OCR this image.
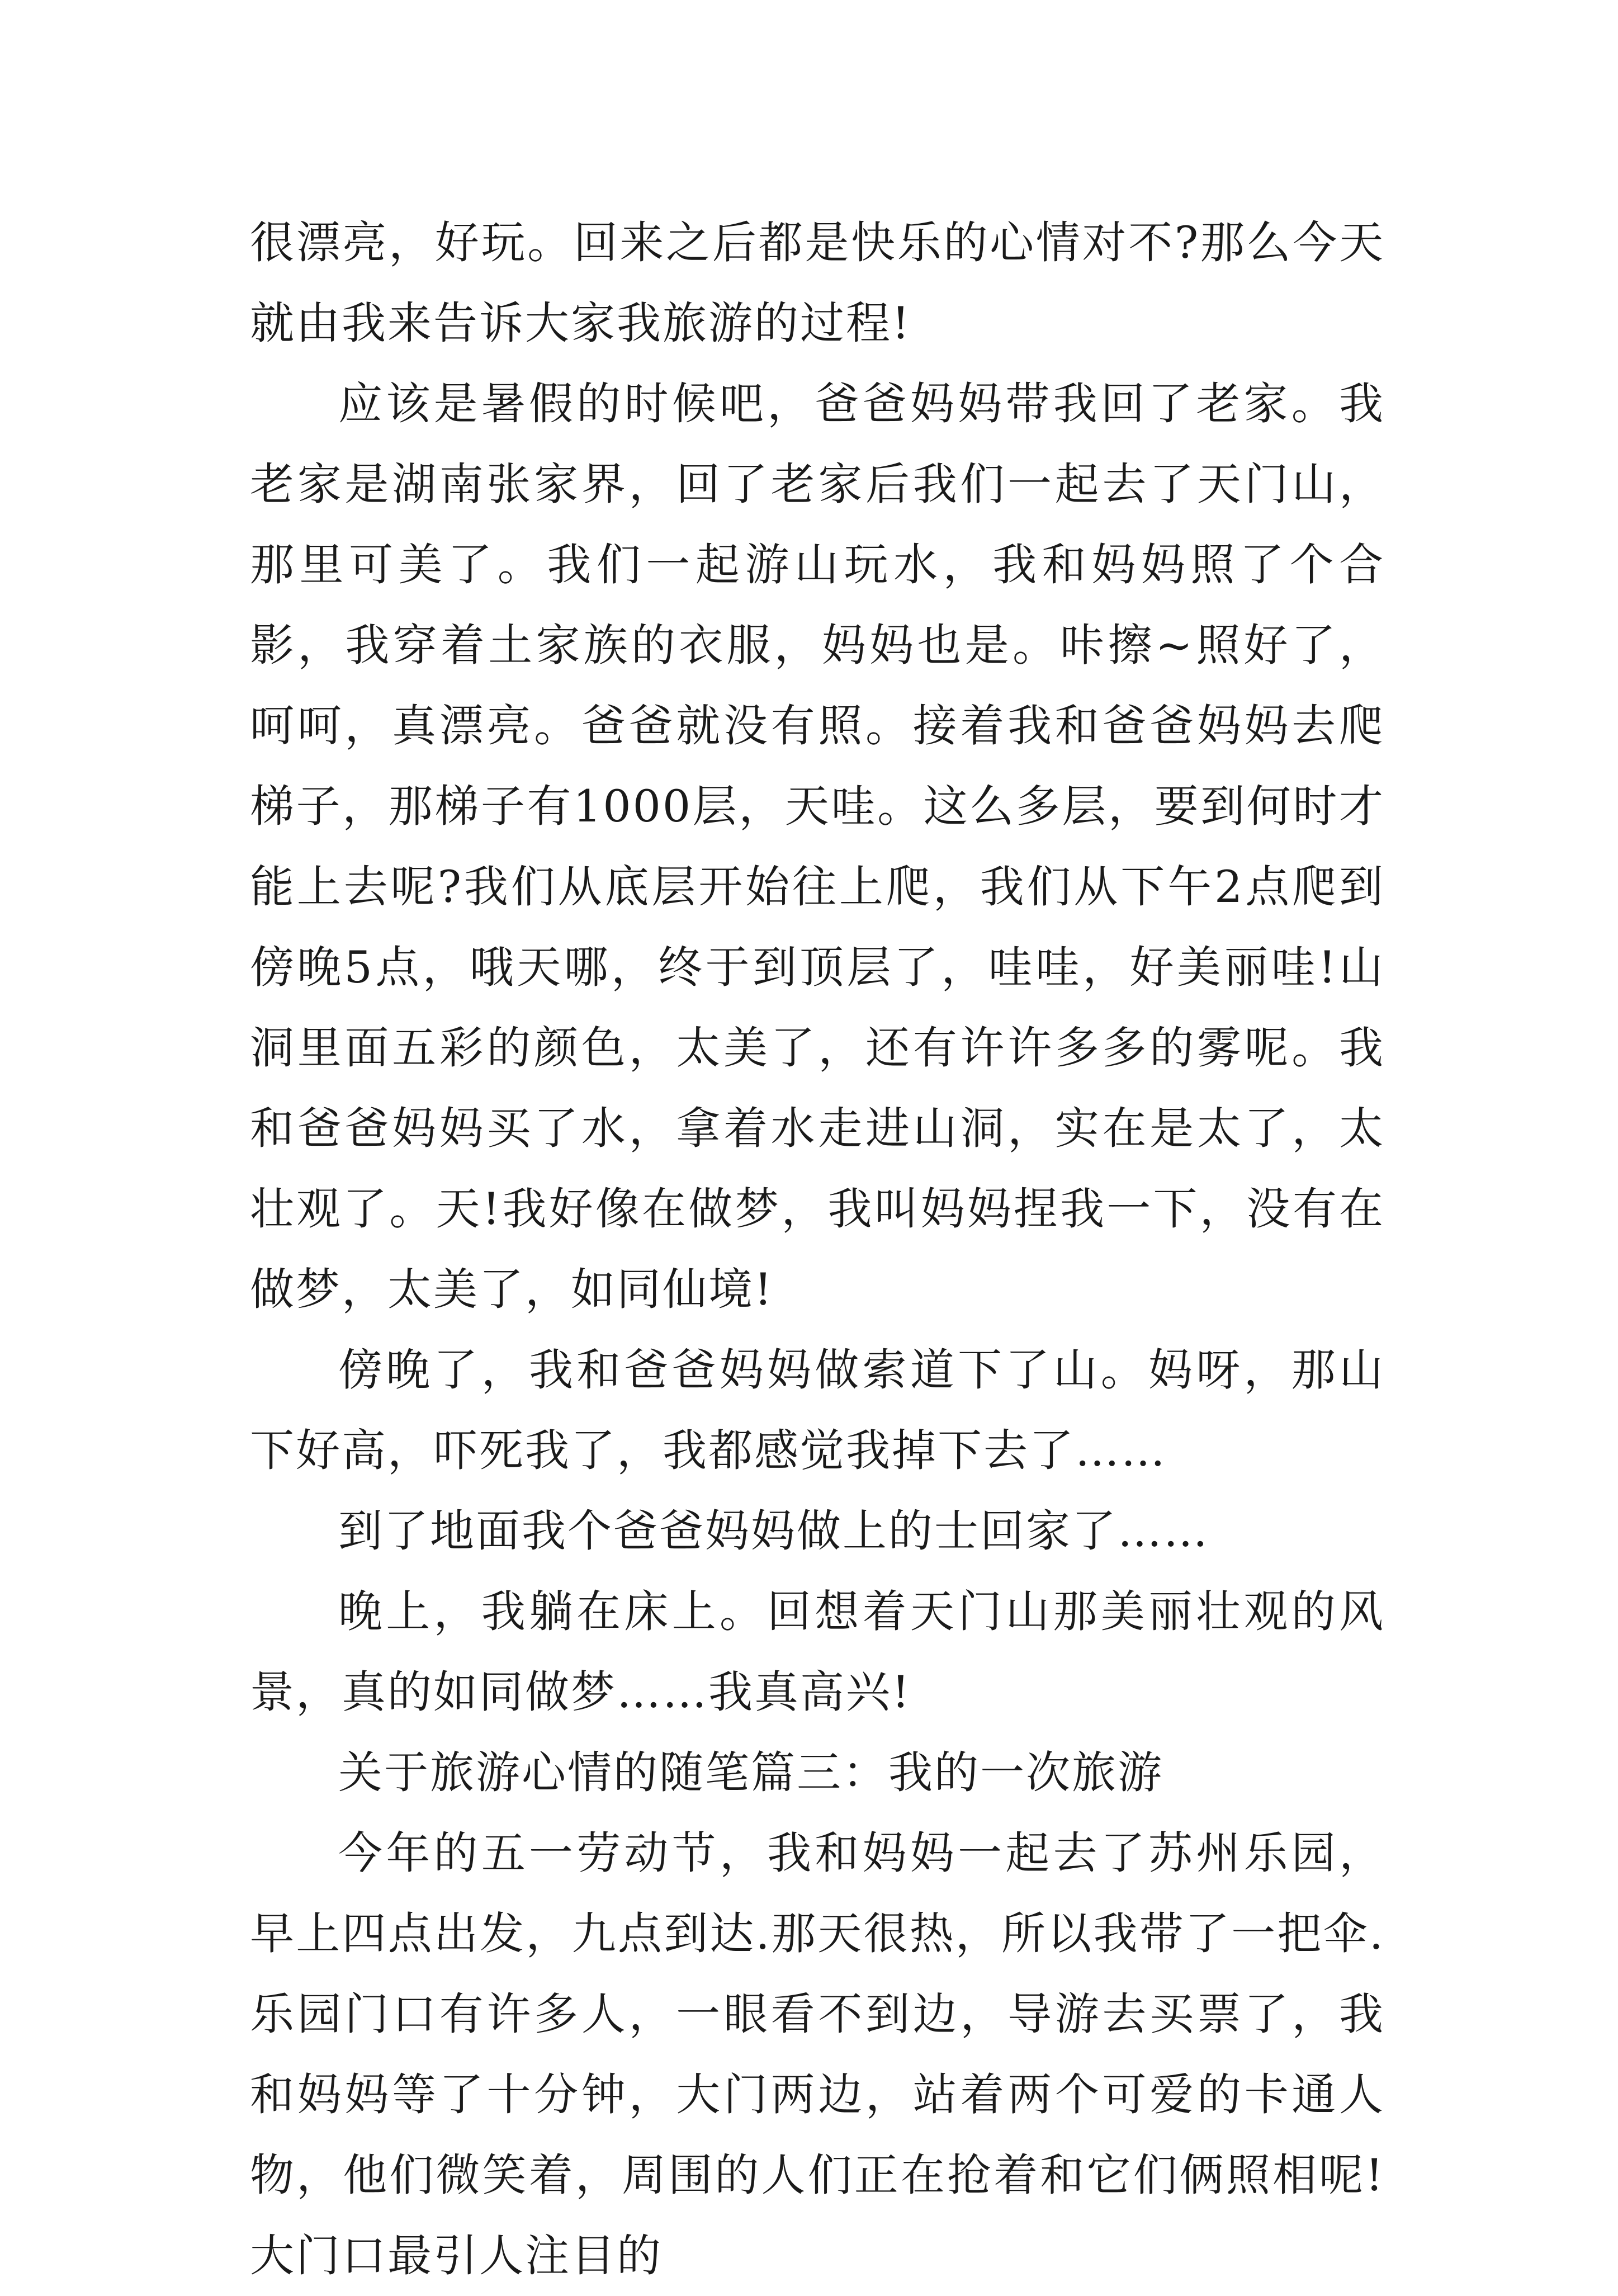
很漂亮，好玩。回来之后都是快乐的心情对不?那么今天就由我来告诉大家我旅游的过程!

应该是暑假的时候吧，爸爸妈妈带我回了老家。我老家是湖南张家界，回了老家后我们一起去了天门山，那里可美了。我们一起游山玩水，我和妈妈照了个合影，我穿着土家族的衣服，妈妈也是。咔擦~照好了，呵呵，真漂亮。爸爸就没有照。接着我和爸爸妈妈去爬梯子，那梯子有1000层，天哇。这么多层，要到何时才能上去呢?我们从底层开始往上爬，我们从下午2点爬到傍晚5点，哦天哪，终于到顶层了，哇哇，好美丽哇!山洞里面五彩的颜色，太美了，还有许许多多的雾呢。我和爸爸妈妈买了水，拿着水走进山洞，实在是太了，太壮观了。天!我好像在做梦，我叫妈妈捏我一下，没有在做梦，太美了，如同仙境!

傍晚了，我和爸爸妈妈做索道下了山。妈呀，那山下好高，吓死我了，我都感觉我掉下去了……

到了地面我个爸爸妈妈做上的士回家了……

晚上，我躺在床上。回想着天门山那美丽壮观的风景，真的如同做梦……我真高兴!

关于旅游心情的随笔篇三：我的一次旅游

今年的五一劳动节，我和妈妈一起去了苏州乐园，早上四点出发，九点到达.那天很热，所以我带了一把伞.乐园门口有许多人，一眼看不到边，导游去买票了，我和妈妈等了十分钟，大门两边，站着两个可爱的卡通人物，他们微笑着，周围的人们正在抢着和它们俩照相呢!大门口最引人注目的
